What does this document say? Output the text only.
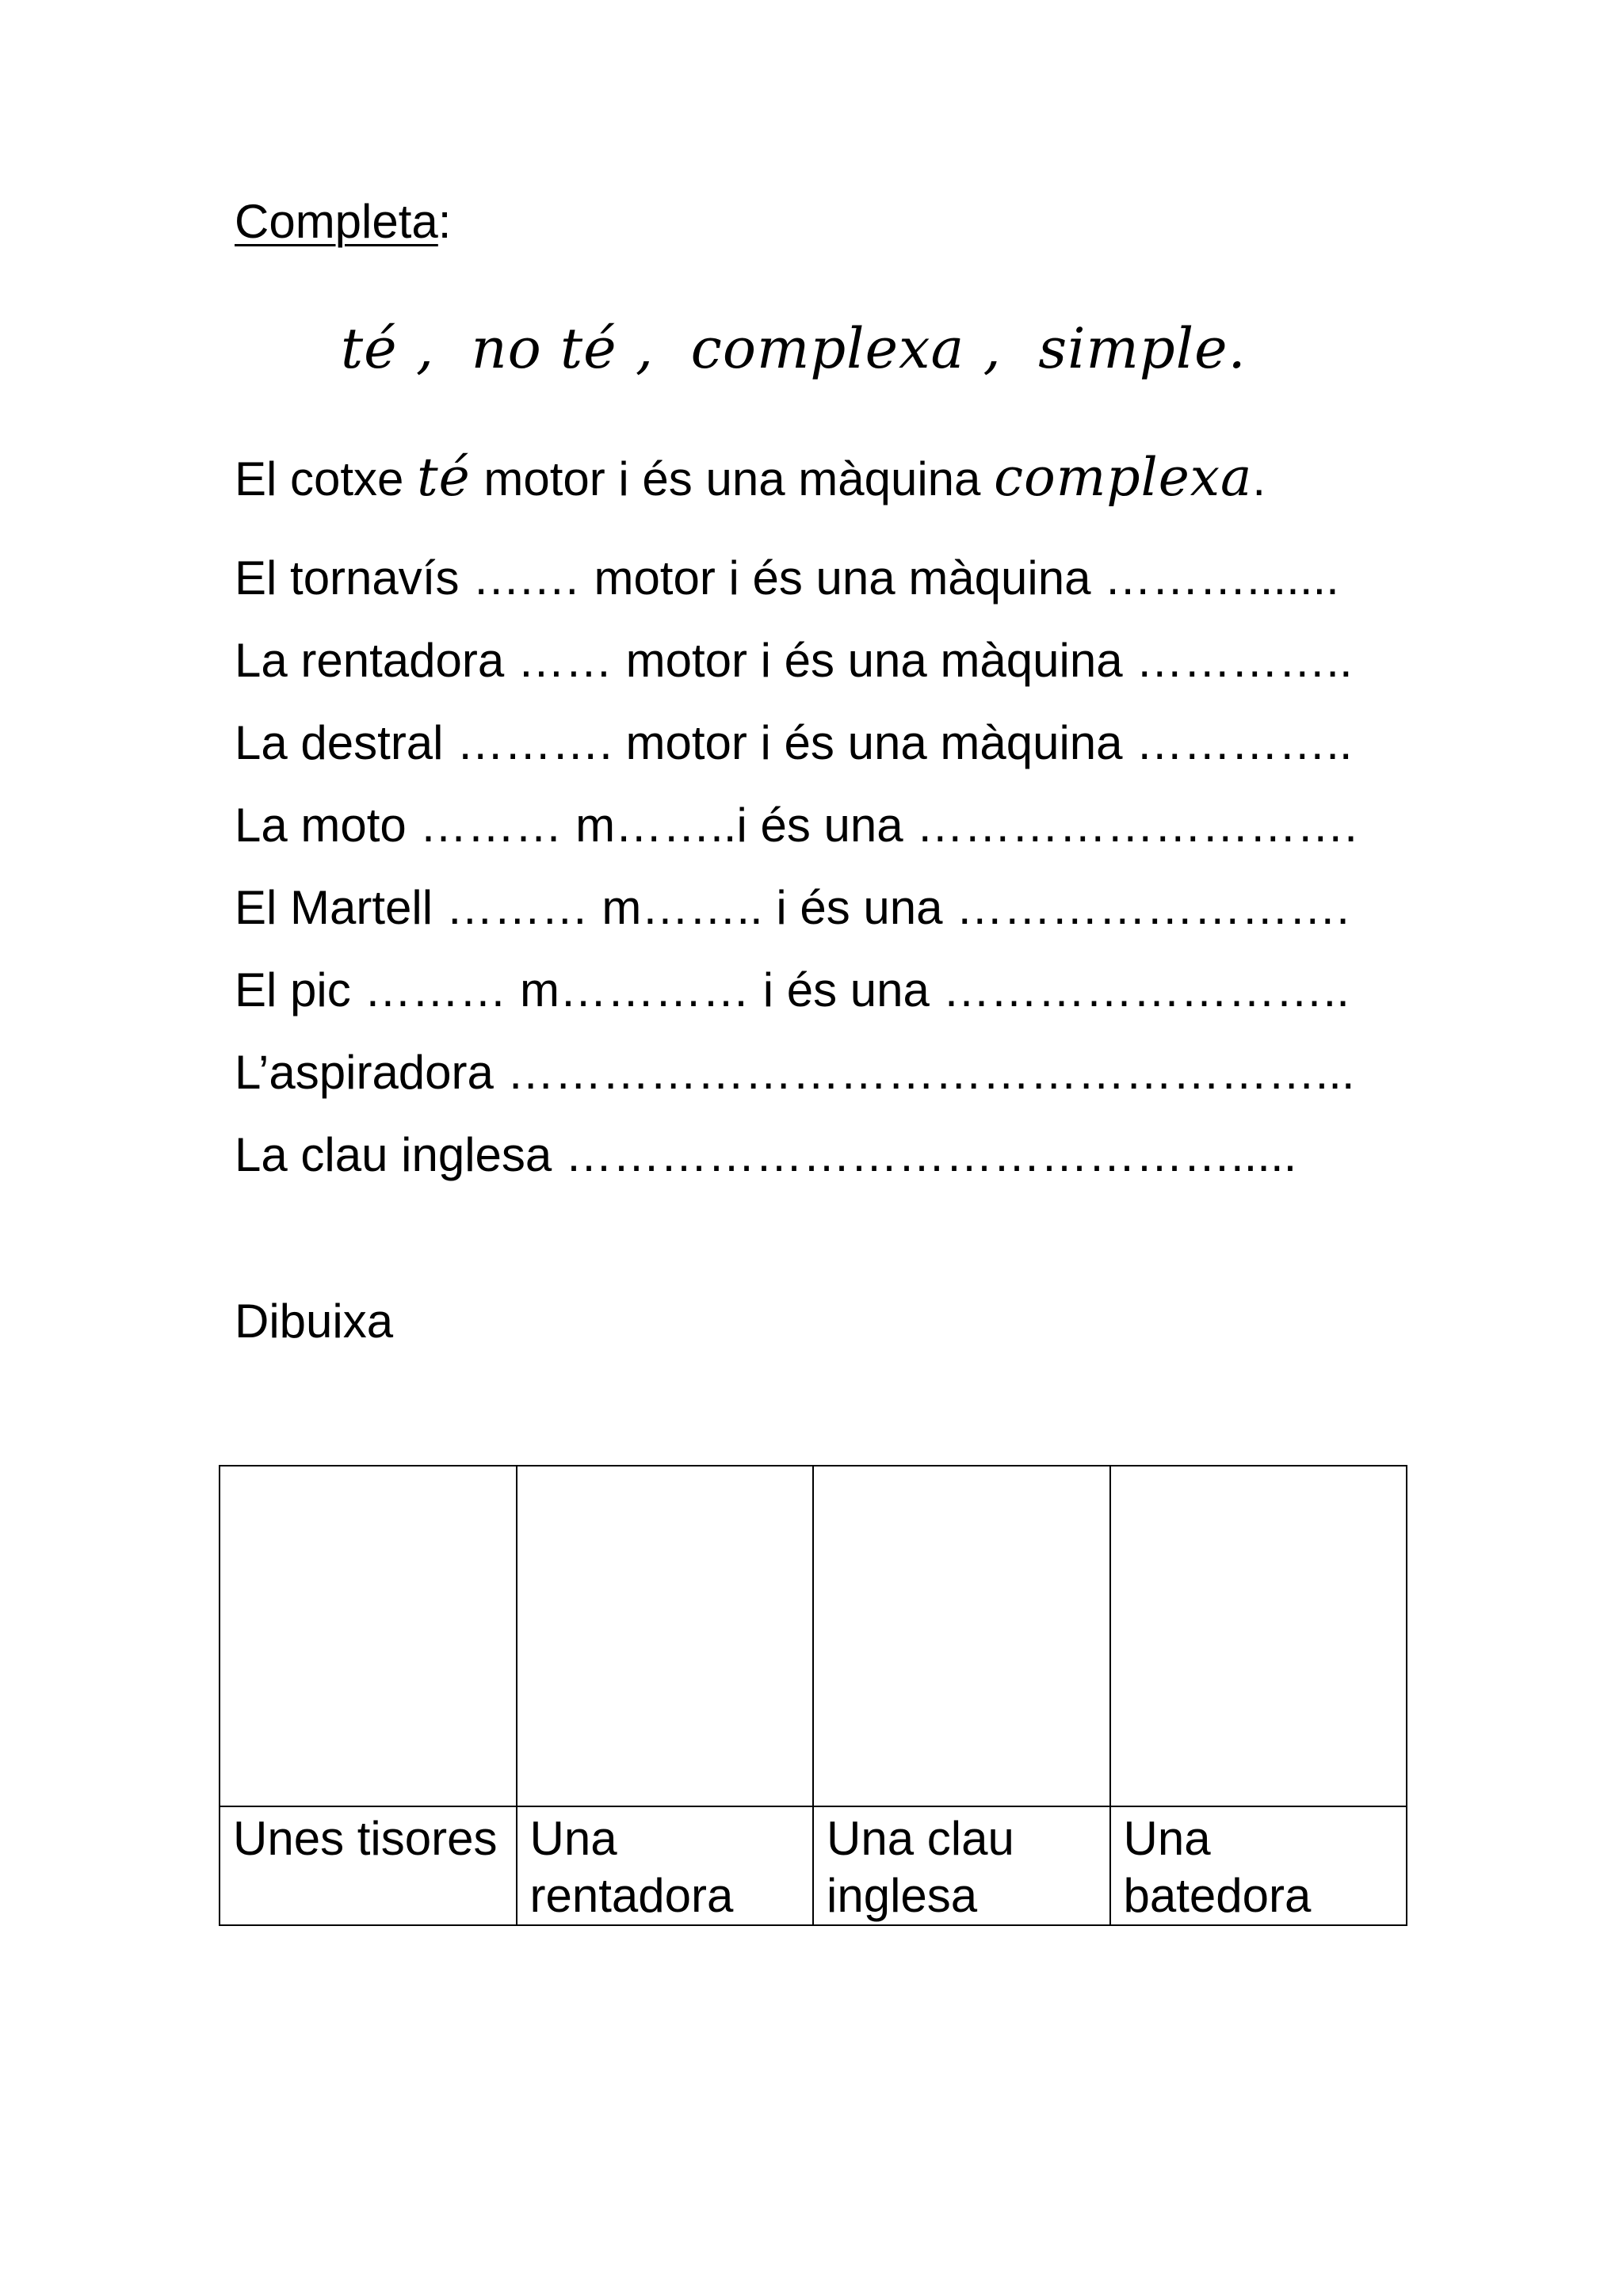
Completa:
té ,  no té ,  complexa ,  simple.
El cotxe té motor i és una màquina complexa.
El tornavís ….… motor i és una màquina ……….......
La rentadora …… motor i és una màquina …………..
La destral ………. motor i és una màquina …………..
La moto ……… m……..i és una ……………………….
El Martell ……… m…….. i és una …………………….
El pic ……… m………… i és una ……………………..
L’aspiradora ……………………………………………...
La clau inglesa …………………………………….....
Dibuixa

Unes tisores	Una rentadora	Una clau inglesa	Una batedora
